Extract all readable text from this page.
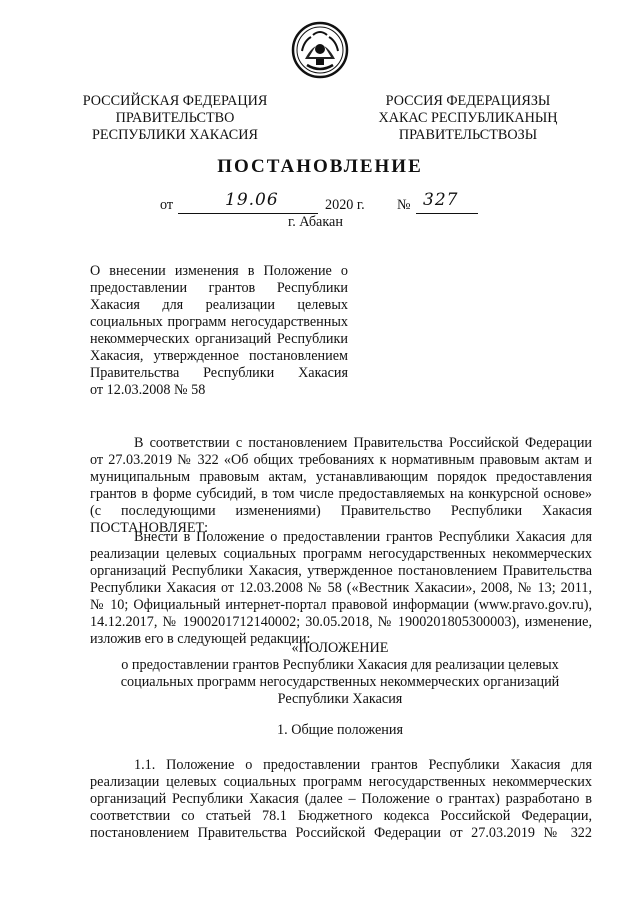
РОССИЙСКАЯ ФЕДЕРАЦИЯ
ПРАВИТЕЛЬСТВО
РЕСПУБЛИКИ ХАКАСИЯ
РОССИЯ ФЕДЕРАЦИЯЗЫ
ХАКАС РЕСПУБЛИКАНЫҢ
ПРАВИТЕЛЬСТВОЗЫ
ПОСТАНОВЛЕНИЕ
от	19.06	2020 г. № 327
г. Абакан
О внесении изменения в Положение о
предоставлении грантов Республики
Хакасия для реализации целевых
социальных программ негосударственных
некоммерческих организаций Республики
Хакасия, утвержденное постановлением
Правительства Республики Хакасия
от 12.03.2008 № 58
В соответствии с постановлением Правительства Российской Федерации
от 27.03.2019 № 322 «Об общих требованиях к нормативным правовым актам и
муниципальным правовым актам, устанавливающим порядок предоставления
грантов в форме субсидий, в том числе предоставляемых на конкурсной основе»
(с последующими изменениями) Правительство Республики Хакасия
ПОСТАНОВЛЯЕТ:
Внести в Положение о предоставлении грантов Республики Хакасия для
реализации целевых социальных программ негосударственных некоммерческих
организаций Республики Хакасия, утвержденное постановлением Правительства
Республики Хакасия от 12.03.2008 № 58 («Вестник Хакасии», 2008, № 13; 2011,
№ 10; Официальный интернет-портал правовой информации (www.pravo.gov.ru),
14.12.2017, № 1900201712140002; 30.05.2018, № 1900201805300003), изменение,
изложив его в следующей редакции:
«ПОЛОЖЕНИЕ
о предоставлении грантов Республики Хакасия для реализации целевых
социальных программ негосударственных некоммерческих организаций
Республики Хакасия
1. Общие положения
1.1. Положение о предоставлении грантов Республики Хакасия для
реализации целевых социальных программ негосударственных некоммерческих
организаций Республики Хакасия (далее – Положение о грантах) разработано в
соответствии со статьей 78.1 Бюджетного кодекса Российской Федерации,
постановлением Правительства Российской Федерации от 27.03.2019 № 322
